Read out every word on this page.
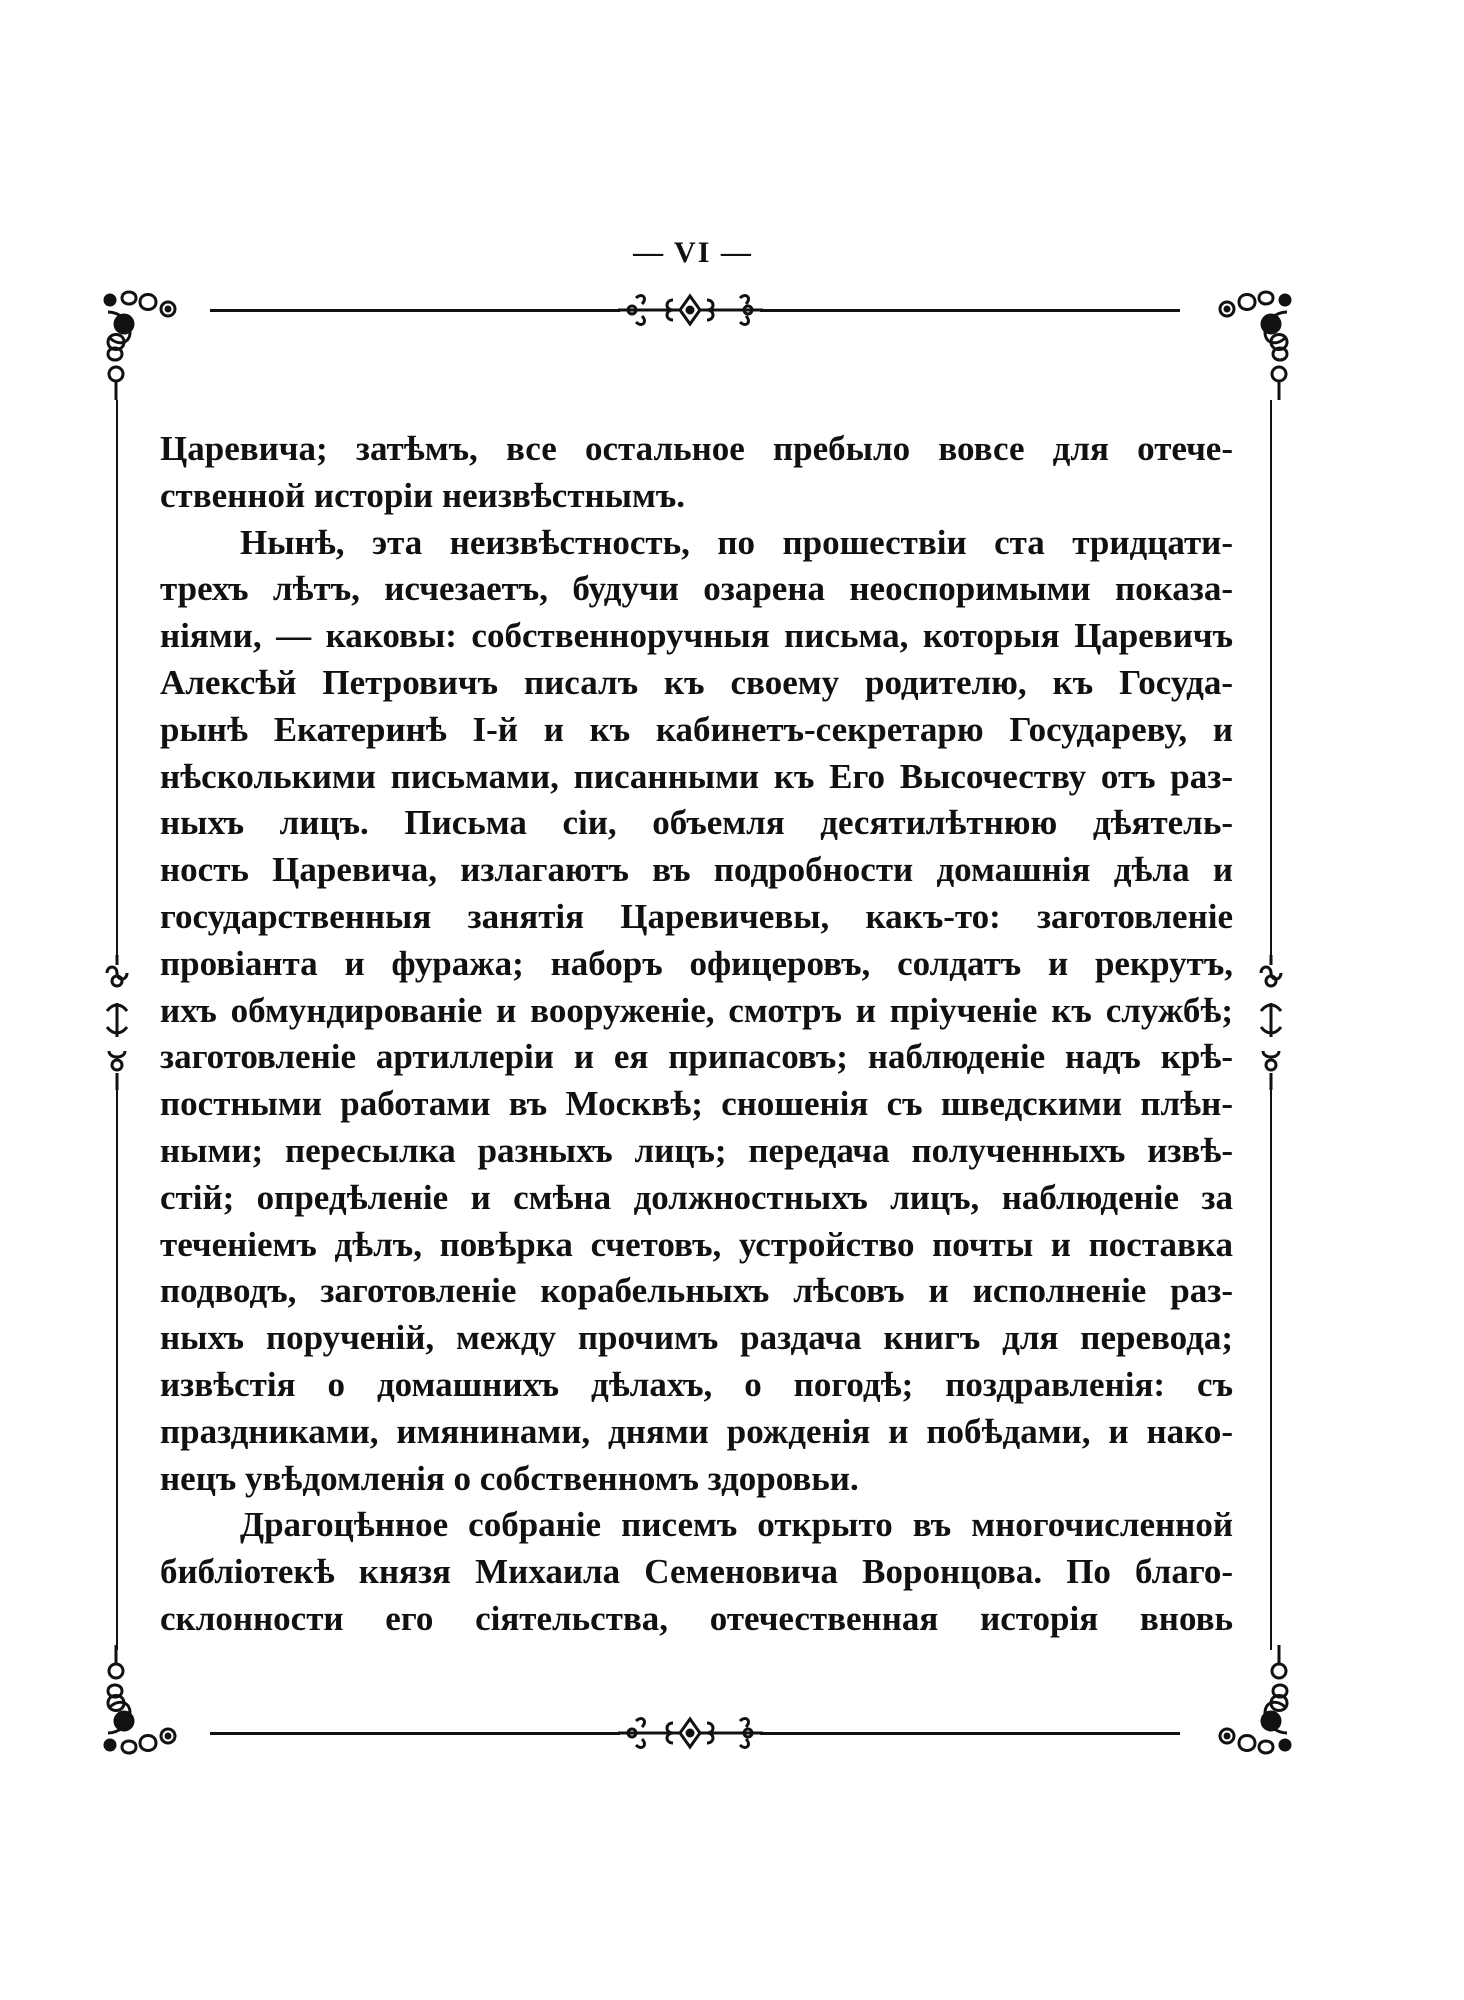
— VI —
Царевича; затѣмъ, все остальное пребыло вовсе для отече-
ственной исторіи неизвѣстнымъ.
Нынѣ, эта неизвѣстность, по прошествіи ста тридцати-
трехъ лѣтъ, исчезаетъ, будучи озарена неоспоримыми показа-
ніями, — каковы: собственноручныя письма, которыя Царевичъ
Алексѣй Петровичъ писалъ къ своему родителю, къ Госуда-
рынѣ Екатеринѣ I-й и къ кабинетъ-секретарю Государеву, и
нѣсколькими письмами, писанными къ Его Высочеству отъ раз-
ныхъ лицъ. Письма сіи, объемля десятилѣтнюю дѣятель-
ность Царевича, излагаютъ въ подробности домашнія дѣла и
государственныя занятія Царевичевы, какъ-то: заготовленіе
провіанта и фуража; наборъ офицеровъ, солдатъ и рекрутъ,
ихъ обмундированіе и вооруженіе, смотръ и пріученіе къ службѣ;
заготовленіе артиллеріи и ея припасовъ; наблюденіе надъ крѣ-
постными работами въ Москвѣ; сношенія съ шведскими плѣн-
ными; пересылка разныхъ лицъ; передача полученныхъ извѣ-
стій; опредѣленіе и смѣна должностныхъ лицъ, наблюденіе за
теченіемъ дѣлъ, повѣрка счетовъ, устройство почты и поставка
подводъ, заготовленіе корабельныхъ лѣсовъ и исполненіе раз-
ныхъ порученій, между прочимъ раздача книгъ для перевода;
извѣстія о домашнихъ дѣлахъ, о погодѣ; поздравленія: съ
праздниками, имянинами, днями рожденія и побѣдами, и нако-
нецъ увѣдомленія о собственномъ здоровьи.
Драгоцѣнное собраніе писемъ открыто въ многочисленной
библіотекѣ князя Михаила Семеновича Воронцова. По благо-
склонности его сіятельства, отечественная исторія вновь
